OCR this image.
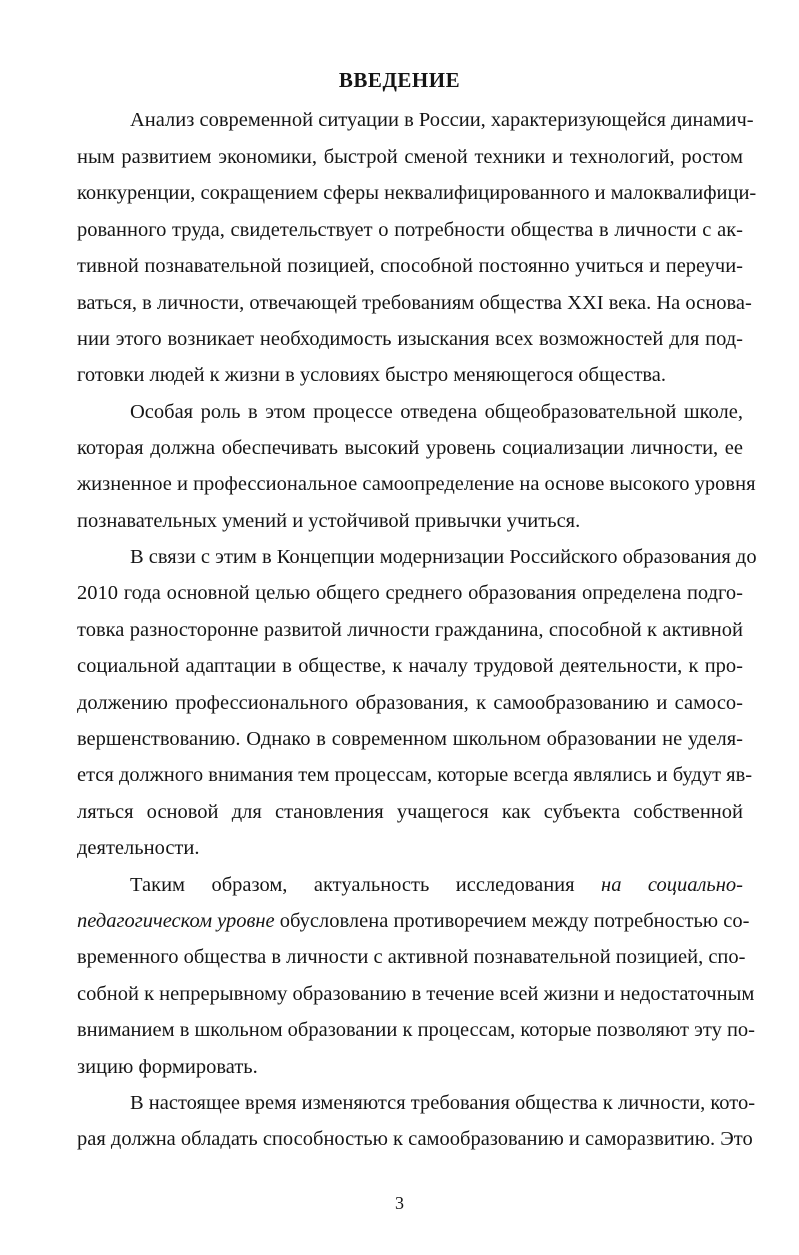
ВВЕДЕНИЕ
Анализ современной ситуации в России, характеризующейся динамич-
ным развитием экономики, быстрой сменой техники и технологий, ростом
конкуренции, сокращением сферы неквалифицированного и малоквалифици-
рованного труда, свидетельствует о потребности общества в личности с ак-
тивной познавательной позицией, способной постоянно учиться и переучи-
ваться, в личности, отвечающей требованиям общества XXI века. На основа-
нии этого возникает необходимость изыскания всех возможностей для под-
готовки людей к жизни в условиях быстро меняющегося общества.
Особая роль в этом процессе отведена общеобразовательной школе,
которая должна обеспечивать высокий уровень социализации личности, ее
жизненное и профессиональное самоопределение на основе высокого уровня
познавательных умений и устойчивой привычки учиться.
В связи с этим в Концепции модернизации Российского образования до
2010 года основной целью общего среднего образования определена подго-
товка разносторонне развитой личности гражданина, способной к активной
социальной адаптации в обществе, к началу трудовой деятельности, к про-
должению профессионального образования, к самообразованию и самосо-
вершенствованию. Однако в современном школьном образовании не уделя-
ется должного внимания тем процессам, которые всегда являлись и будут яв-
ляться основой для становления учащегося как субъекта собственной
деятельности.
Таким образом, актуальность исследования на социально-
педагогическом уровне обусловлена противоречием между потребностью со-
временного общества в личности с активной познавательной позицией, спо-
собной к непрерывному образованию в течение всей жизни и недостаточным
вниманием в школьном образовании к процессам, которые позволяют эту по-
зицию формировать.
В настоящее время изменяются требования общества к личности, кото-
рая должна обладать способностью к самообразованию и саморазвитию. Это
3
